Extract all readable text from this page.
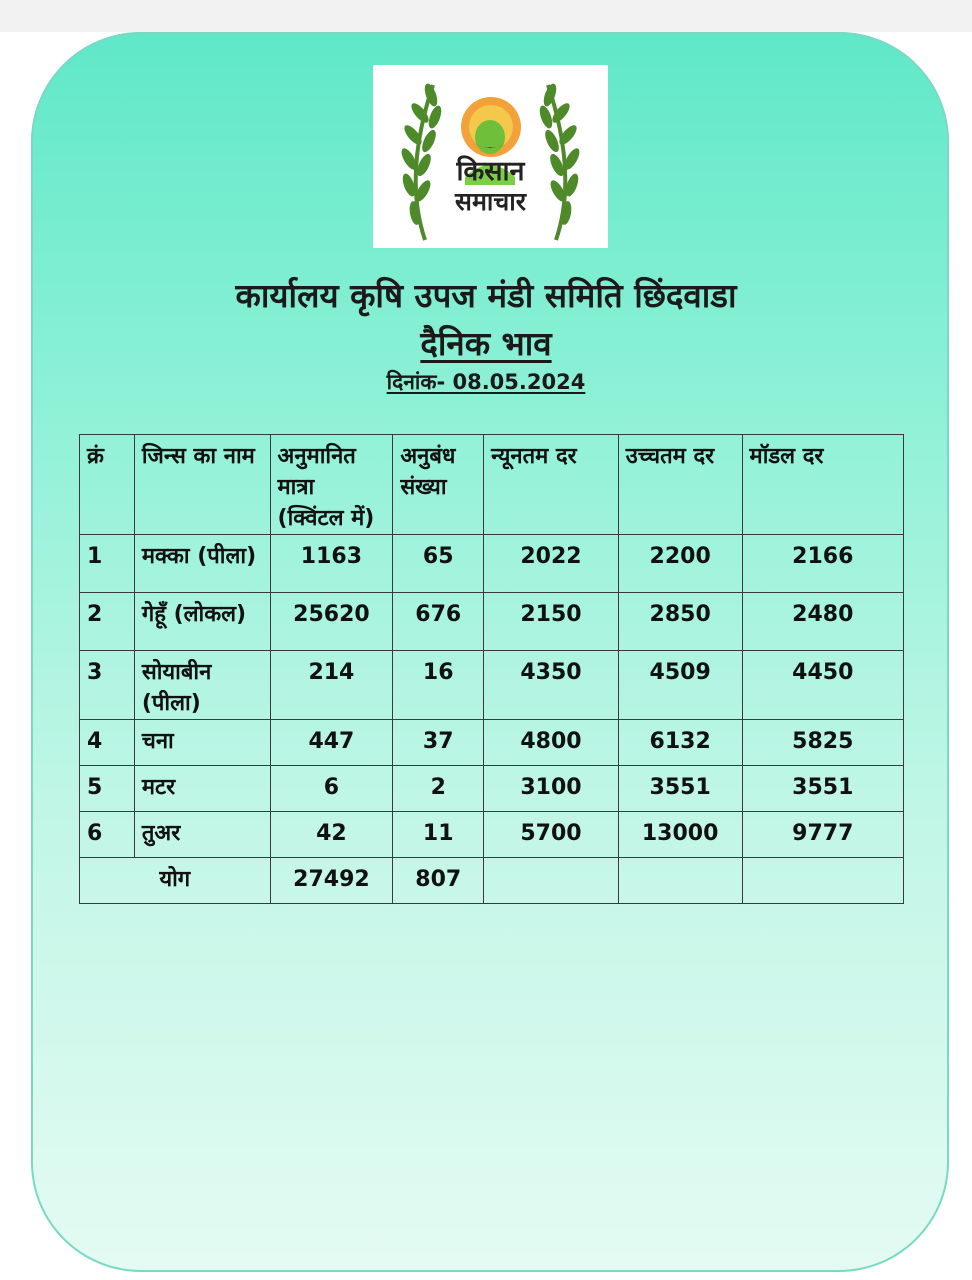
किसान
समाचार
कार्यालय कृषि उपज मंडी समिति छिंदवाडा
दैनिक भाव
दिनांक- 08.05.2024
क्रं	जिन्स का नाम	अनुमानित मात्रा (क्विंटल में)	अनुबंध संख्या	न्यूनतम दर	उच्चतम दर	मॉडल दर
1	मक्का (पीला)	1163	65	2022	2200	2166
2	गेहूँ (लोकल)	25620	676	2150	2850	2480
3	सोयाबीन (पीला)	214	16	4350	4509	4450
4	चना	447	37	4800	6132	5825
5	मटर	6	2	3100	3551	3551
6	तुअर	42	11	5700	13000	9777
योग		27492	807			
